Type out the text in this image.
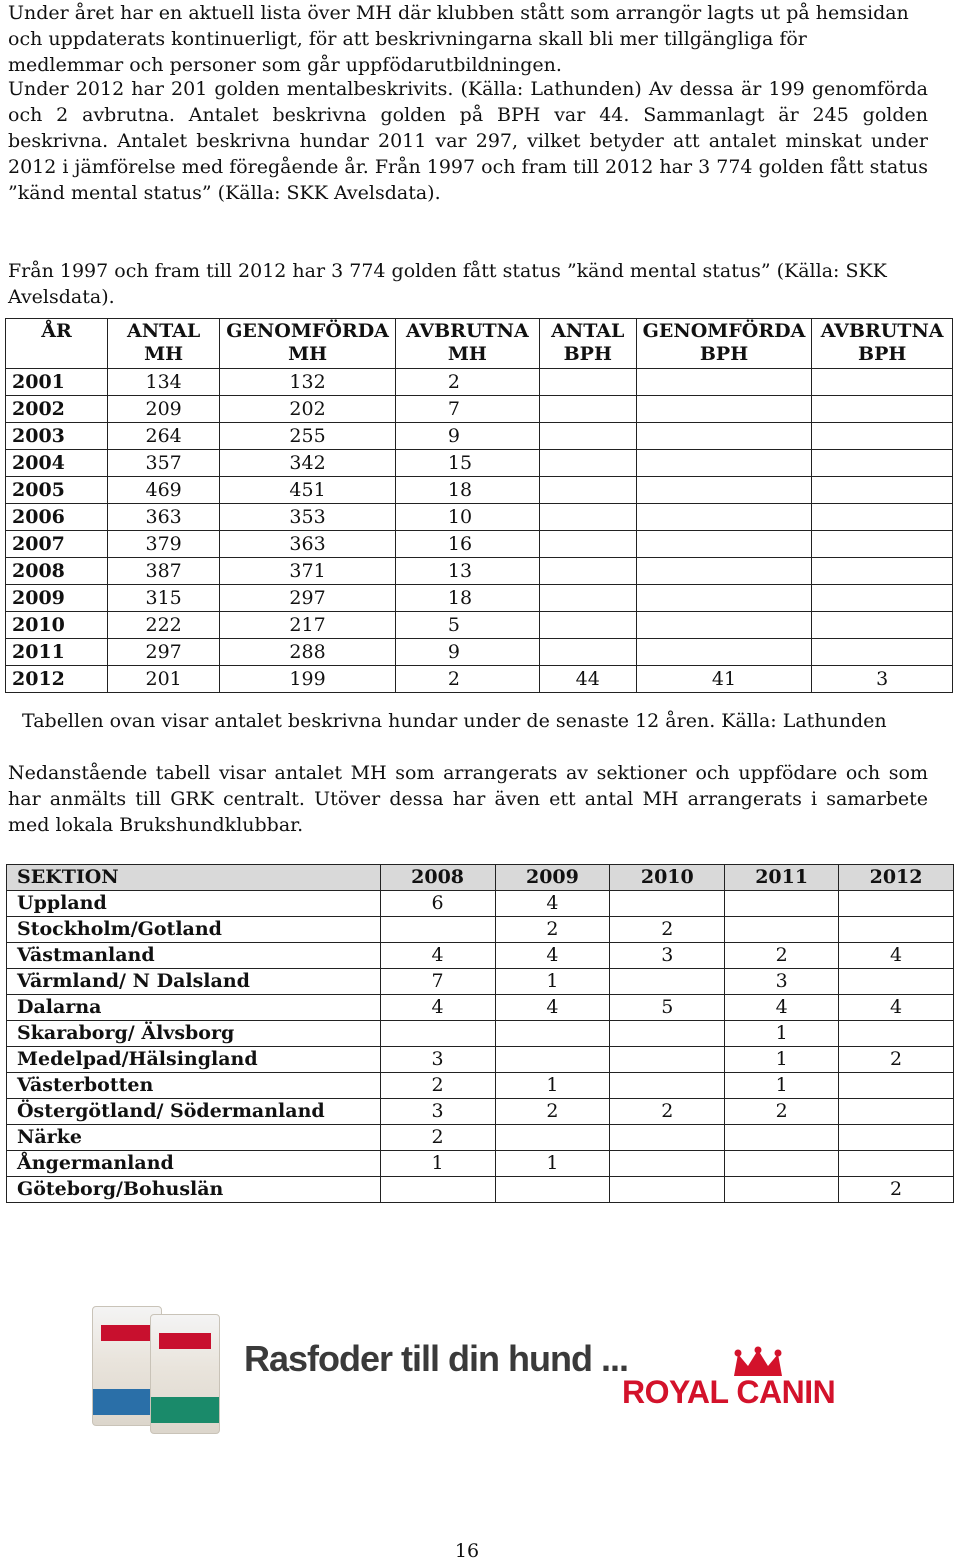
Under året har en aktuell lista över MH där klubben stått som arrangör lagts ut på hemsidan och uppdaterats kontinuerligt, för att beskrivningarna skall bli mer tillgängliga för medlemmar och personer som går uppfödarutbildningen.

Under 2012 har 201 golden mentalbeskrivits. (Källa: Lathunden) Av dessa är 199 genomförda och 2 avbrutna. Antalet beskrivna golden på BPH var 44. Sammanlagt är 245 golden beskrivna. Antalet beskrivna hundar 2011 var 297, vilket betyder att antalet minskat under 2012 i jämförelse med föregående år. Från 1997 och fram till 2012 har 3 774 golden fått status ”känd mental status” (Källa: SKK Avelsdata).

Från 1997 och fram till 2012 har 3 774 golden fått status ”känd mental status” (Källa: SKK Avelsdata).

ÅR	ANTAL MH	GENOMFÖRDA MH	AVBRUTNA MH	ANTAL BPH	GENOMFÖRDA BPH	AVBRUTNA BPH
2001	134	132	2			
2002	209	202	7			
2003	264	255	9			
2004	357	342	15			
2005	469	451	18			
2006	363	353	10			
2007	379	363	16			
2008	387	371	13			
2009	315	297	18			
2010	222	217	5			
2011	297	288	9			
2012	201	199	2	44	41	3

Tabellen ovan visar antalet beskrivna hundar under de senaste 12 åren. Källa: Lathunden

Nedanstående tabell visar antalet MH som arrangerats av sektioner och uppfödare och som har anmälts till GRK centralt. Utöver dessa har även ett antal MH arrangerats i samarbete med lokala Brukshundklubbar.

SEKTION	2008	2009	2010	2011	2012
Uppland	6	4			
Stockholm/Gotland		2	2		
Västmanland	4	4	3	2	4
Värmland/ N Dalsland	7	1		3	
Dalarna	4	4	5	4	4
Skaraborg/ Älvsborg				1	
Medelpad/Hälsingland	3			1	2
Västerbotten	2	1		1	
Östergötland/ Södermanland	3	2	2	2	
Närke	2				
Ångermanland	1	1			
Göteborg/Bohuslän					2
Rasfoder till din hund ...
ROYAL CANIN
16
